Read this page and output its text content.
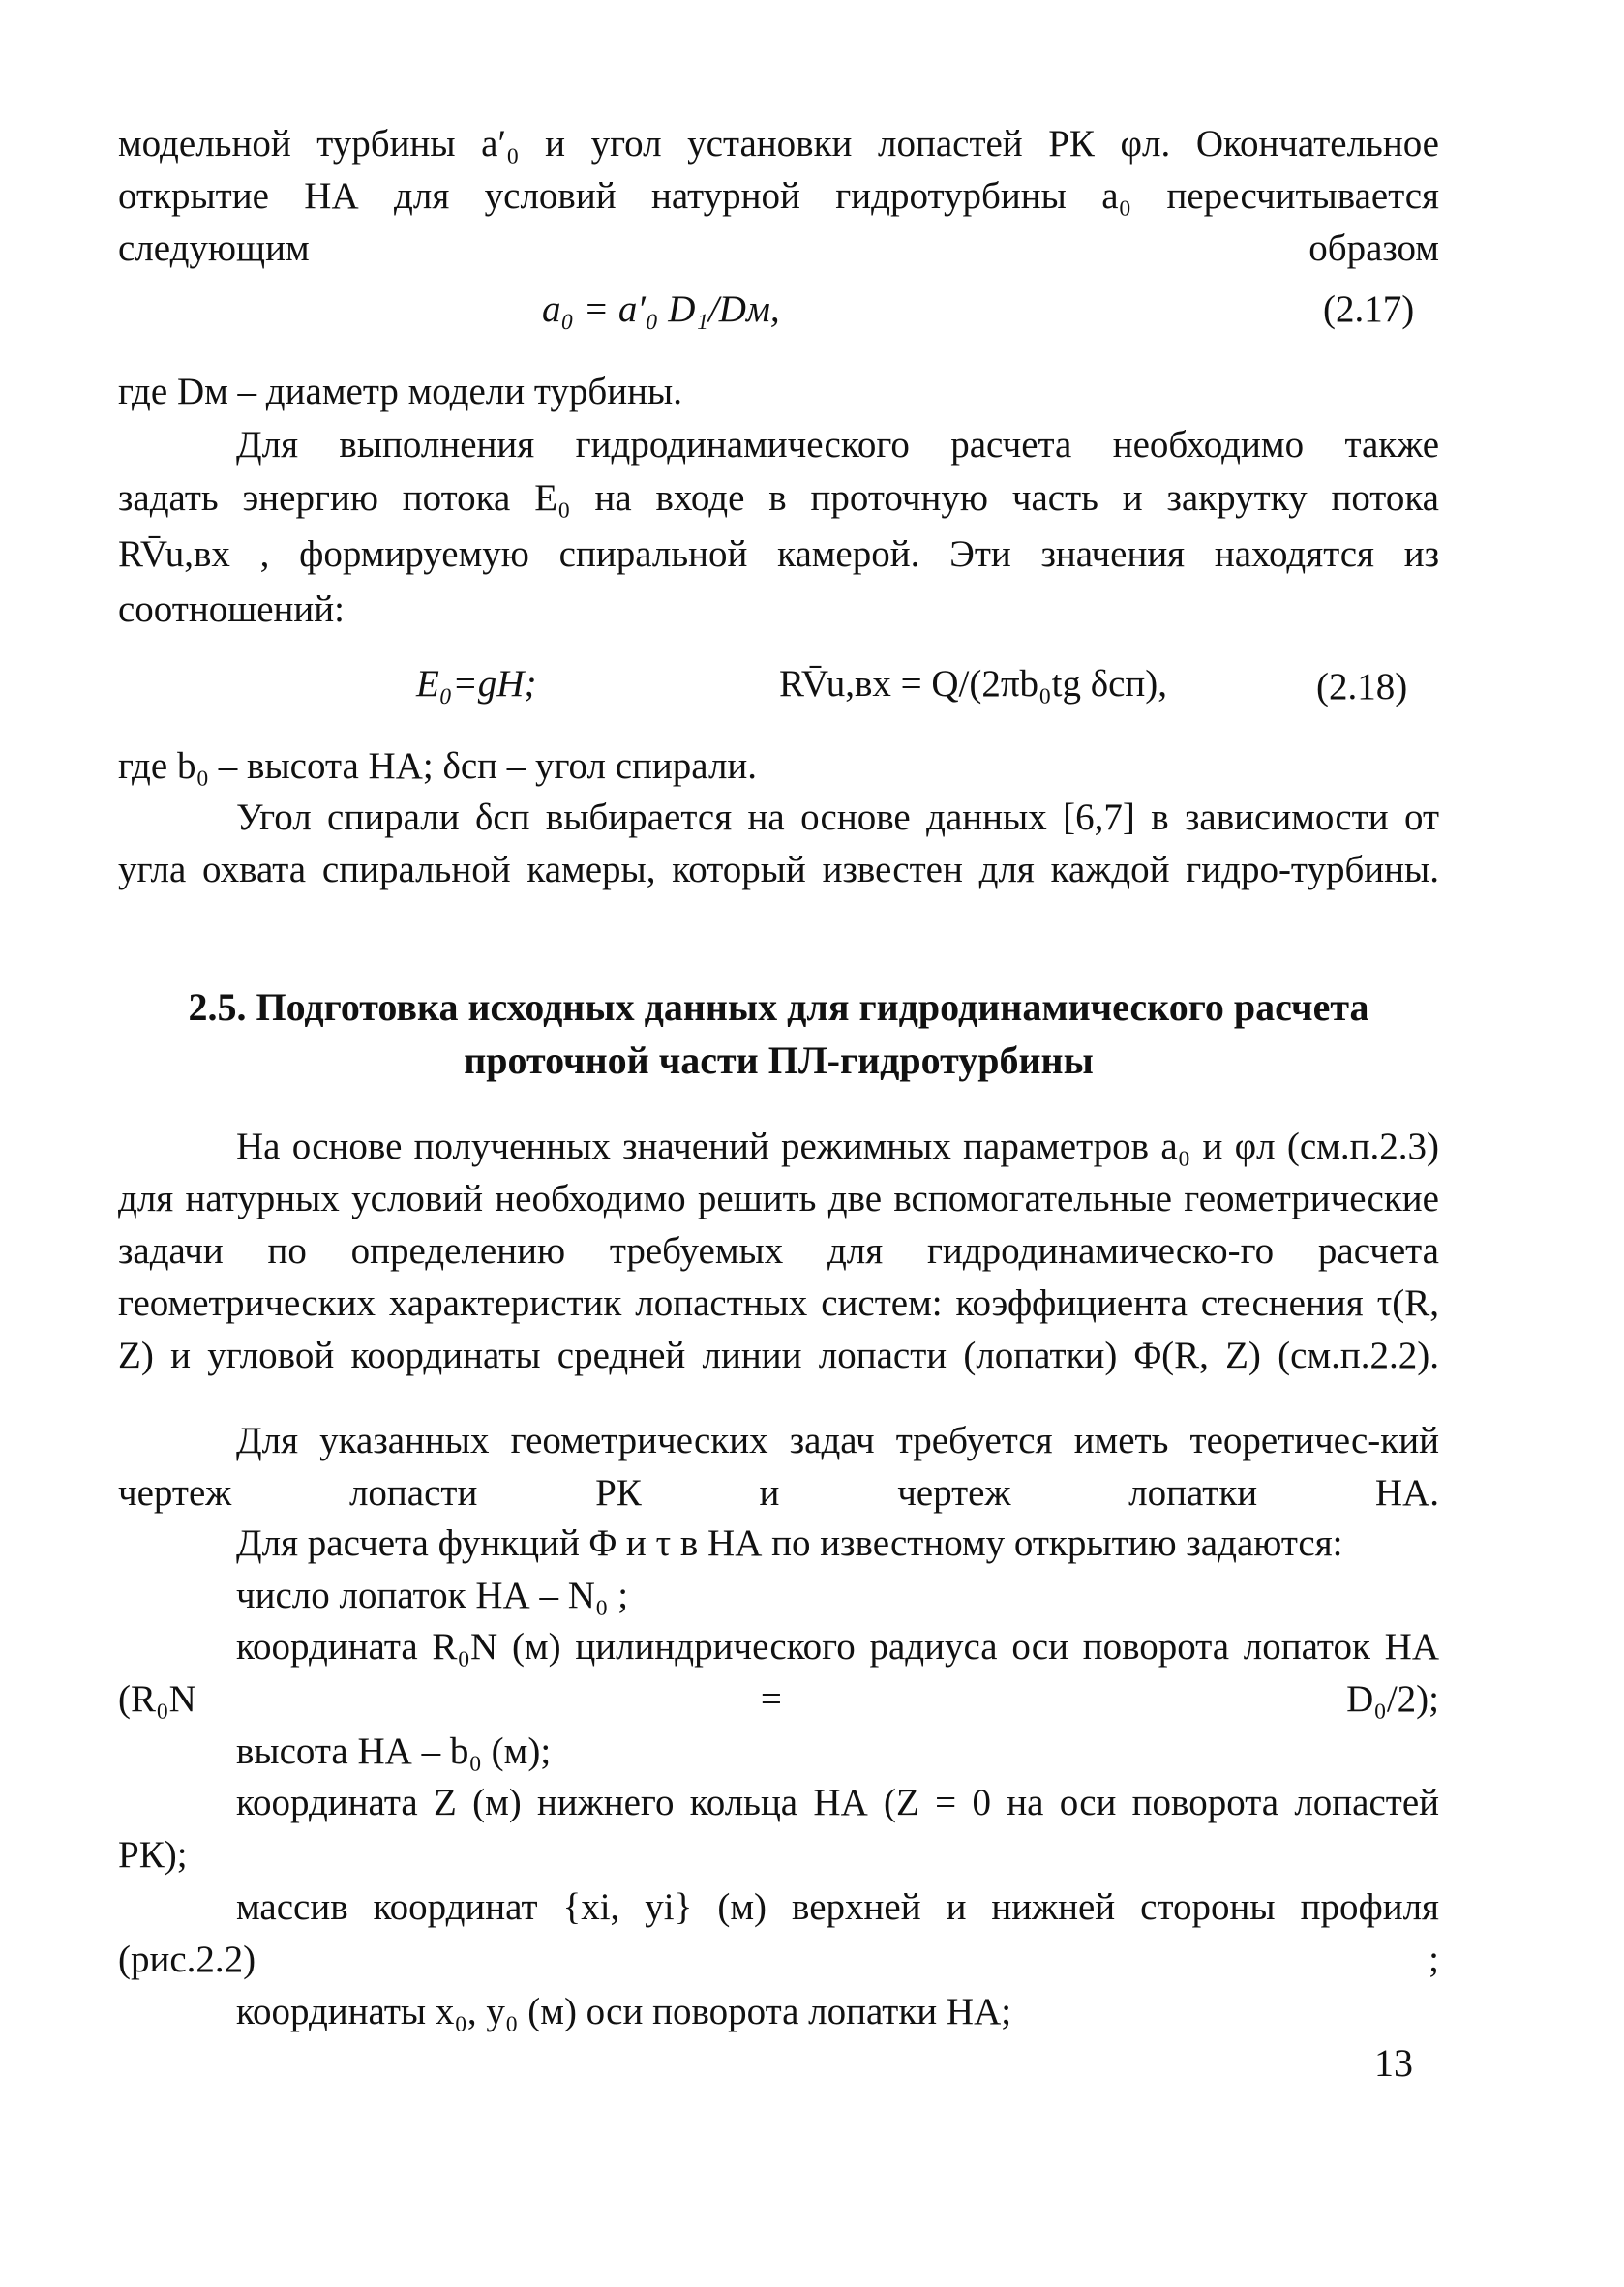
модельной турбины a′₀ и угол установки лопастей РК φл. Окончательное открытие НА для условий натурной гидротурбины a₀ пересчитывается следующим образом

a₀ = a′₀ D₁/Dм,	(2.17)
где Dм – диаметр модели турбины.
Для выполнения гидродинамического расчета необходимо также
задать энергию потока E₀ на входе в проточную часть и закрутку потока
RV̄u,вх , формируемую спиральной камерой. Эти значения находятся из
соотношений:
E₀=gH;	RV̄u,вх = Q/(2πb₀tg δсп),	(2.18)
где b₀ – высота НА; δсп – угол спирали.

Угол спирали δсп выбирается на основе данных [6,7] в зависимости от угла охвата спиральной камеры, который известен для каждой гидро-турбины.

2.5. Подготовка исходных данных для гидродинамического расчета
проточной части ПЛ-гидротурбины

На основе полученных значений режимных параметров a₀ и φл (см.п.2.3) для натурных условий необходимо решить две вспомогательные геометрические задачи по определению требуемых для гидродинамическо-го расчета геометрических характеристик лопастных систем: коэффициента стеснения τ(R, Z) и угловой координаты средней линии лопасти (лопатки) Φ(R, Z) (см.п.2.2).

Для указанных геометрических задач требуется иметь теоретичес-кий чертеж лопасти РК и чертеж лопатки НА.

Для расчета функций Φ и τ в НА по известному открытию задаются:
число лопаток НА – N₀ ;

координата R₀N (м) цилиндрического радиуса оси поворота лопаток НА (R₀N = D₀/2);

высота НА – b₀ (м);

координата Z (м) нижнего кольца НА (Z = 0 на оси поворота лопастей РК);

массив координат {xi, yi} (м) верхней и нижней стороны профиля (рис.2.2) ;

координаты x₀, y₀ (м) оси поворота лопатки НА;
13
